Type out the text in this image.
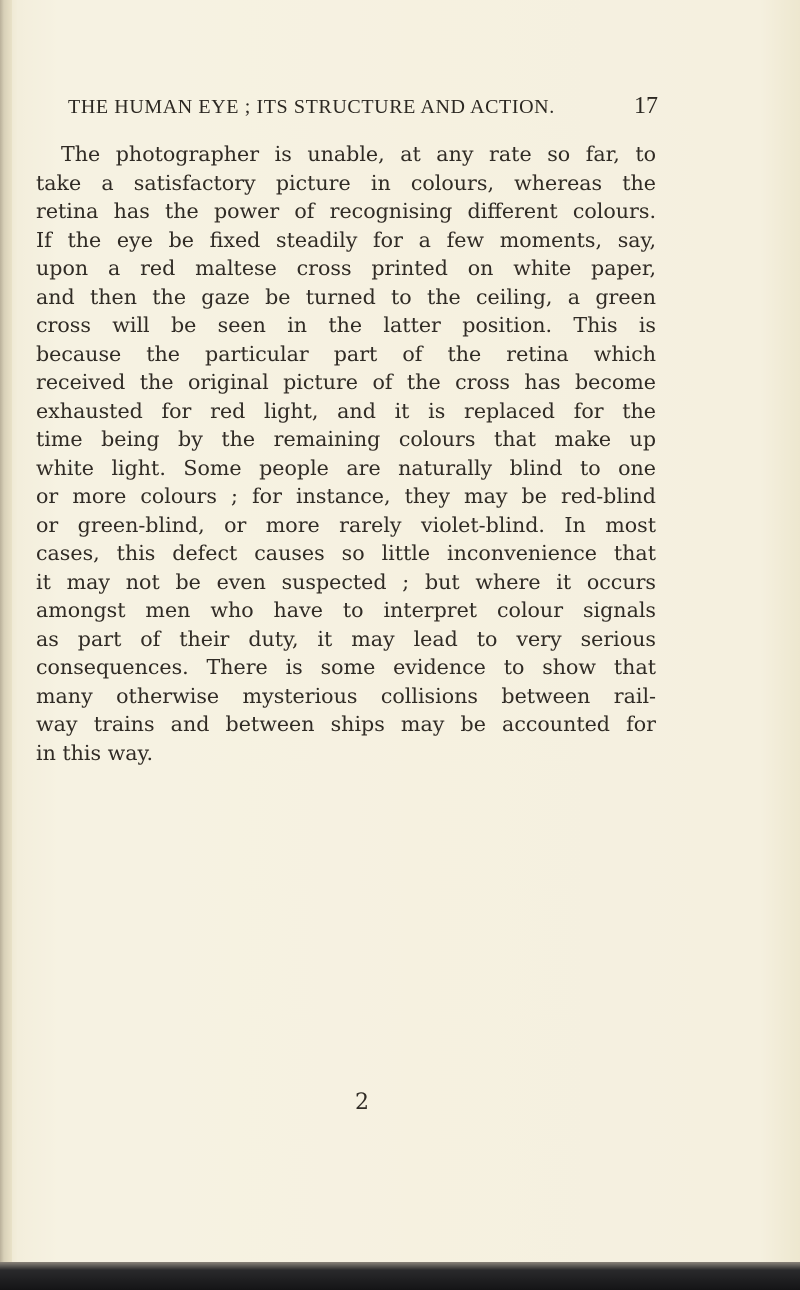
THE HUMAN EYE ; ITS STRUCTURE AND ACTION.	17
The photographer is unable, at any rate so far, to
take a satisfactory picture in colours, whereas the
retina has the power of recognising different colours.
If the eye be fixed steadily for a few moments, say,
upon a red maltese cross printed on white paper,
and then the gaze be turned to the ceiling, a green
cross will be seen in the latter position. This is
because the particular part of the retina which
received the original picture of the cross has become
exhausted for red light, and it is replaced for the
time being by the remaining colours that make up
white light. Some people are naturally blind to one
or more colours ; for instance, they may be red-blind
or green-blind, or more rarely violet-blind. In most
cases, this defect causes so little inconvenience that
it may not be even suspected ; but where it occurs
amongst men who have to interpret colour signals
as part of their duty, it may lead to very serious
consequences. There is some evidence to show that
many otherwise mysterious collisions between rail-
way trains and between ships may be accounted for
in this way.
2
